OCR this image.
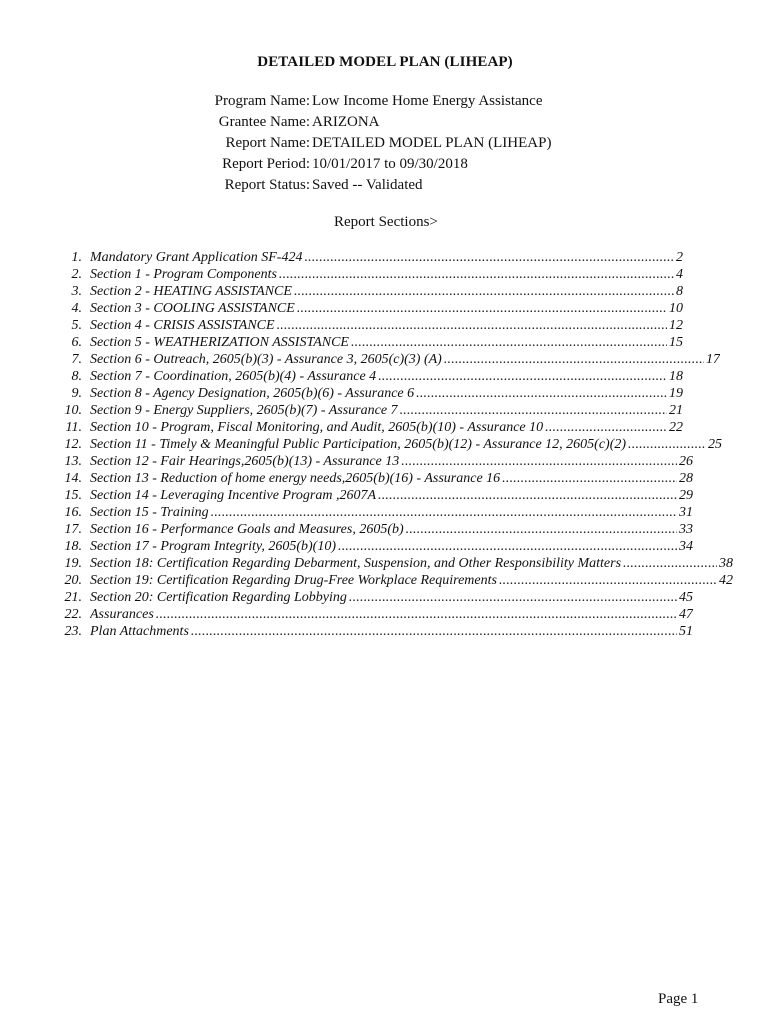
DETAILED MODEL PLAN (LIHEAP)
Program Name: Low Income Home Energy Assistance
Grantee Name: ARIZONA
Report Name: DETAILED MODEL PLAN (LIHEAP)
Report Period: 10/01/2017 to 09/30/2018
Report Status: Saved -- Validated
Report Sections>
1. Mandatory Grant Application SF-424 .....	2
2. Section 1 - Program Components .....	4
3. Section 2 - HEATING ASSISTANCE .....	8
4. Section 3 - COOLING ASSISTANCE .....	10
5. Section 4 - CRISIS ASSISTANCE .....	12
6. Section 5 - WEATHERIZATION ASSISTANCE .....	15
7. Section 6 - Outreach, 2605(b)(3) - Assurance 3, 2605(c)(3) (A) .....	17
8. Section 7 - Coordination, 2605(b)(4) - Assurance 4 .....	18
9. Section 8 - Agency Designation, 2605(b)(6) - Assurance 6 .....	19
10. Section 9 - Energy Suppliers, 2605(b)(7) - Assurance 7 .....	21
11. Section 10 - Program, Fiscal Monitoring, and Audit, 2605(b)(10) - Assurance 10 .....	22
12. Section 11 - Timely & Meaningful Public Participation, 2605(b)(12) - Assurance 12, 2605(c)(2) .....	25
13. Section 12 - Fair Hearings,2605(b)(13) - Assurance 13 .....	26
14. Section 13 - Reduction of home energy needs,2605(b)(16) - Assurance 16 .....	28
15. Section 14 - Leveraging Incentive Program ,2607A .....	29
16. Section 15 - Training .....	31
17. Section 16 - Performance Goals and Measures, 2605(b) .....	33
18. Section 17 - Program Integrity, 2605(b)(10) .....	34
19. Section 18: Certification Regarding Debarment, Suspension, and Other Responsibility Matters .....	38
20. Section 19: Certification Regarding Drug-Free Workplace Requirements .....	42
21. Section 20: Certification Regarding Lobbying .....	45
22. Assurances .....	47
23. Plan Attachments .....	51
Page 1
